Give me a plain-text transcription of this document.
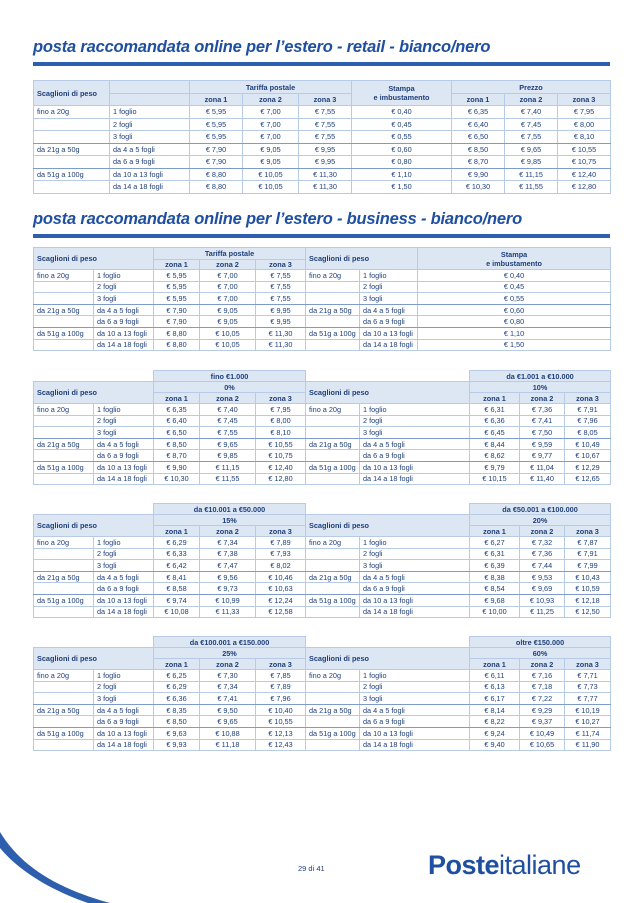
posta raccomandata online per l’estero - retail - bianco/nero
Scaglioni di peso		Tariffa postale			Stampa
e imbustamento	Prezzo		
		zona 1	zona 2	zona 3		zona 1	zona 2	zona 3
fino a 20g	1 foglio	€ 5,95	€ 7,00	€ 7,55	€ 0,40	€ 6,35	€ 7,40	€ 7,95
	2 fogli	€ 5,95	€ 7,00	€ 7,55	€ 0,45	€ 6,40	€ 7,45	€ 8,00
	3 fogli	€ 5,95	€ 7,00	€ 7,55	€ 0,55	€ 6,50	€ 7,55	€ 8,10
da 21g a 50g	da 4 a 5 fogli	€ 7,90	€ 9,05	€ 9,95	€ 0,60	€ 8,50	€ 9,65	€ 10,55
	da 6 a 9 fogli	€ 7,90	€ 9,05	€ 9,95	€ 0,80	€ 8,70	€ 9,85	€ 10,75
da 51g a 100g	da 10 a 13 fogli	€ 8,80	€ 10,05	€ 11,30	€ 1,10	€ 9,90	€ 11,15	€ 12,40
	da 14 a 18 fogli	€ 8,80	€ 10,05	€ 11,30	€ 1,50	€ 10,30	€ 11,55	€ 12,80
posta raccomandata online per l’estero - business - bianco/nero
Scaglioni di peso		Tariffa postale			Scaglioni di peso		Stampa
e imbustamento
		zona 1	zona 2	zona 3			
fino a 20g	1 foglio	€ 5,95	€ 7,00	€ 7,55	fino a 20g	1 foglio	€ 0,40
	2 fogli	€ 5,95	€ 7,00	€ 7,55		2 fogli	€ 0,45
	3 fogli	€ 5,95	€ 7,00	€ 7,55		3 fogli	€ 0,55
da 21g a 50g	da 4 a 5 fogli	€ 7,90	€ 9,05	€ 9,95	da 21g a 50g	da 4 a 5 fogli	€ 0,60
	da 6 a 9 fogli	€ 7,90	€ 9,05	€ 9,95		da 6 a 9 fogli	€ 0,80
da 51g a 100g	da 10 a 13 fogli	€ 8,80	€ 10,05	€ 11,30	da 51g a 100g	da 10 a 13 fogli	€ 1,10
	da 14 a 18 fogli	€ 8,80	€ 10,05	€ 11,30		da 14 a 18 fogli	€ 1,50
		fino €1.000					da €1.001 a €10.000		
Scaglioni di peso		0%			Scaglioni di peso		10%		
		zona 1	zona 2	zona 3			zona 1	zona 2	zona 3
fino a 20g	1 foglio	€ 6,35	€ 7,40	€ 7,95	fino a 20g	1 foglio	€ 6,31	€ 7,36	€ 7,91
	2 fogli	€ 6,40	€ 7,45	€ 8,00		2 fogli	€ 6,36	€ 7,41	€ 7,96
	3 fogli	€ 6,50	€ 7,55	€ 8,10		3 fogli	€ 6,45	€ 7,50	€ 8,05
da 21g a 50g	da 4 a 5 fogli	€ 8,50	€ 9,65	€ 10,55	da 21g a 50g	da 4 a 5 fogli	€ 8,44	€ 9,59	€ 10,49
	da 6 a 9 fogli	€ 8,70	€ 9,85	€ 10,75		da 6 a 9 fogli	€ 8,62	€ 9,77	€ 10,67
da 51g a 100g	da 10 a 13 fogli	€ 9,90	€ 11,15	€ 12,40	da 51g a 100g	da 10 a 13 fogli	€ 9,79	€ 11,04	€ 12,29
	da 14 a 18 fogli	€ 10,30	€ 11,55	€ 12,80		da 14 a 18 fogli	€ 10,15	€ 11,40	€ 12,65
		da €10.001 a €50.000					da €50.001 a €100.000		
Scaglioni di peso		15%			Scaglioni di peso		20%		
		zona 1	zona 2	zona 3			zona 1	zona 2	zona 3
fino a 20g	1 foglio	€ 6,29	€ 7,34	€ 7,89	fino a 20g	1 foglio	€ 6,27	€ 7,32	€ 7,87
	2 fogli	€ 6,33	€ 7,38	€ 7,93		2 fogli	€ 6,31	€ 7,36	€ 7,91
	3 fogli	€ 6,42	€ 7,47	€ 8,02		3 fogli	€ 6,39	€ 7,44	€ 7,99
da 21g a 50g	da 4 a 5 fogli	€ 8,41	€ 9,56	€ 10,46	da 21g a 50g	da 4 a 5 fogli	€ 8,38	€ 9,53	€ 10,43
	da 6 a 9 fogli	€ 8,58	€ 9,73	€ 10,63		da 6 a 9 fogli	€ 8,54	€ 9,69	€ 10,59
da 51g a 100g	da 10 a 13 fogli	€ 9,74	€ 10,99	€ 12,24	da 51g a 100g	da 10 a 13 fogli	€ 9,68	€ 10,93	€ 12,18
	da 14 a 18 fogli	€ 10,08	€ 11,33	€ 12,58		da 14 a 18 fogli	€ 10,00	€ 11,25	€ 12,50
		da €100.001 a €150.000					oltre €150.000		
Scaglioni di peso		25%			Scaglioni di peso		60%		
		zona 1	zona 2	zona 3			zona 1	zona 2	zona 3
fino a 20g	1 foglio	€ 6,25	€ 7,30	€ 7,85	fino a 20g	1 foglio	€ 6,11	€ 7,16	€ 7,71
	2 fogli	€ 6,29	€ 7,34	€ 7,89		2 fogli	€ 6,13	€ 7,18	€ 7,73
	3 fogli	€ 6,36	€ 7,41	€ 7,96		3 fogli	€ 6,17	€ 7,22	€ 7,77
da 21g a 50g	da 4 a 5 fogli	€ 8,35	€ 9,50	€ 10,40	da 21g a 50g	da 4 a 5 fogli	€ 8,14	€ 9,29	€ 10,19
	da 6 a 9 fogli	€ 8,50	€ 9,65	€ 10,55		da 6 a 9 fogli	€ 8,22	€ 9,37	€ 10,27
da 51g a 100g	da 10 a 13 fogli	€ 9,63	€ 10,88	€ 12,13	da 51g a 100g	da 10 a 13 fogli	€ 9,24	€ 10,49	€ 11,74
	da 14 a 18 fogli	€ 9,93	€ 11,18	€ 12,43		da 14 a 18 fogli	€ 9,40	€ 10,65	€ 11,90
29 di 41	Posteitaliane
